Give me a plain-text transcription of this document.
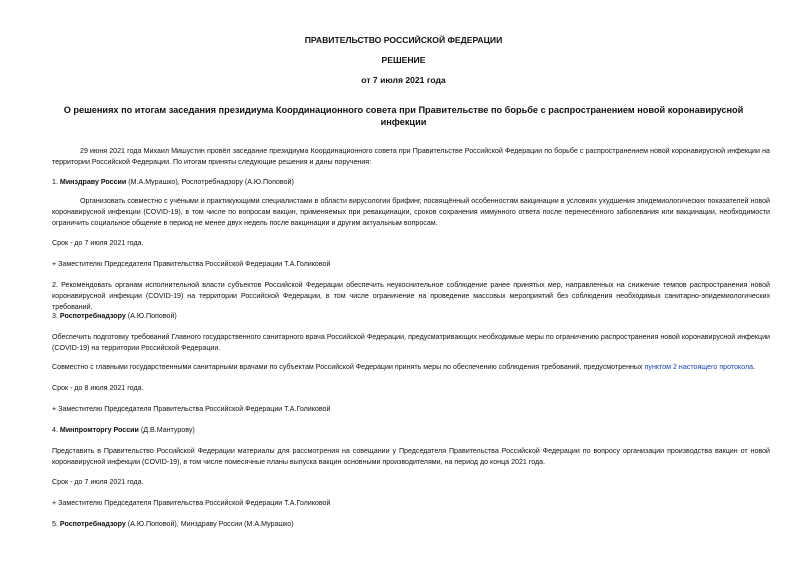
ПРАВИТЕЛЬСТВО РОССИЙСКОЙ ФЕДЕРАЦИИ
РЕШЕНИЕ
от 7 июля 2021 года
О решениях по итогам заседания президиума Координационного совета при Правительстве по борьбе с распространением новой коронавирусной инфекции
29 июня 2021 года Михаил Мишустин провёл заседание президиума Координационного совета при Правительстве Российской Федерации по борьбе с распространением новой коронавирусной инфекции на территории Российской Федерации. По итогам приняты следующие решения и даны поручения:
1. Минздраву России (М.А.Мурашко), Роспотребнадзору (А.Ю.Поповой)
Организовать совместно с учёными и практикующими специалистами в области вирусологии брифинг, посвящённый особенностям вакцинации в условиях ухудшения эпидемиологических показателей новой коронавирусной инфекции (COVID-19), в том числе по вопросам вакцин, применяемых при ревакцинации, сроков сохранения иммунного ответа после перенесённого заболевания или вакцинации, необходимости ограничить социальное общение в период не менее двух недель после вакцинации и другим актуальным вопросам.
Срок - до 7 июля 2021 года.
+ Заместителю Председателя Правительства Российской Федерации Т.А.Голиковой
2. Рекомендовать органам исполнительной власти субъектов Российской Федерации обеспечить неукоснительное соблюдение ранее принятых мер, направленных на снижение темпов распространения новой коронавирусной инфекции (COVID-19) на территории Российской Федерации, в том числе ограничение на проведение массовых мероприятий без соблюдения необходимых санитарно-эпидемиологических требований.
3. Роспотребнадзору (А.Ю.Поповой)
Обеспечить подготовку требований Главного государственного санитарного врача Российской Федерации, предусматривающих необходимые меры по ограничению распространения новой коронавирусной инфекции (COVID-19) на территории Российской Федерации.
Совместно с главными государственными санитарными врачами по субъектам Российской Федерации принять меры по обеспечению соблюдения требований, предусмотренных пунктом 2 настоящего протокола.
Срок - до 8 июля 2021 года.
+ Заместителю Председателя Правительства Российской Федерации Т.А.Голиковой
4. Минпромторгу России (Д.В.Мантурову)
Представить в Правительство Российской Федерации материалы для рассмотрения на совещании у Председателя Правительства Российской Федерации по вопросу организации производства вакцин от новой коронавирусной инфекции (COVID-19), в том числе помесячные планы выпуска вакцин основными производителями, на период до конца 2021 года.
Срок - до 7 июля 2021 года.
+ Заместителю Председателя Правительства Российской Федерации Т.А.Голиковой
5. Роспотребнадзору (А.Ю.Поповой), Минздраву России (М.А.Мурашко)
